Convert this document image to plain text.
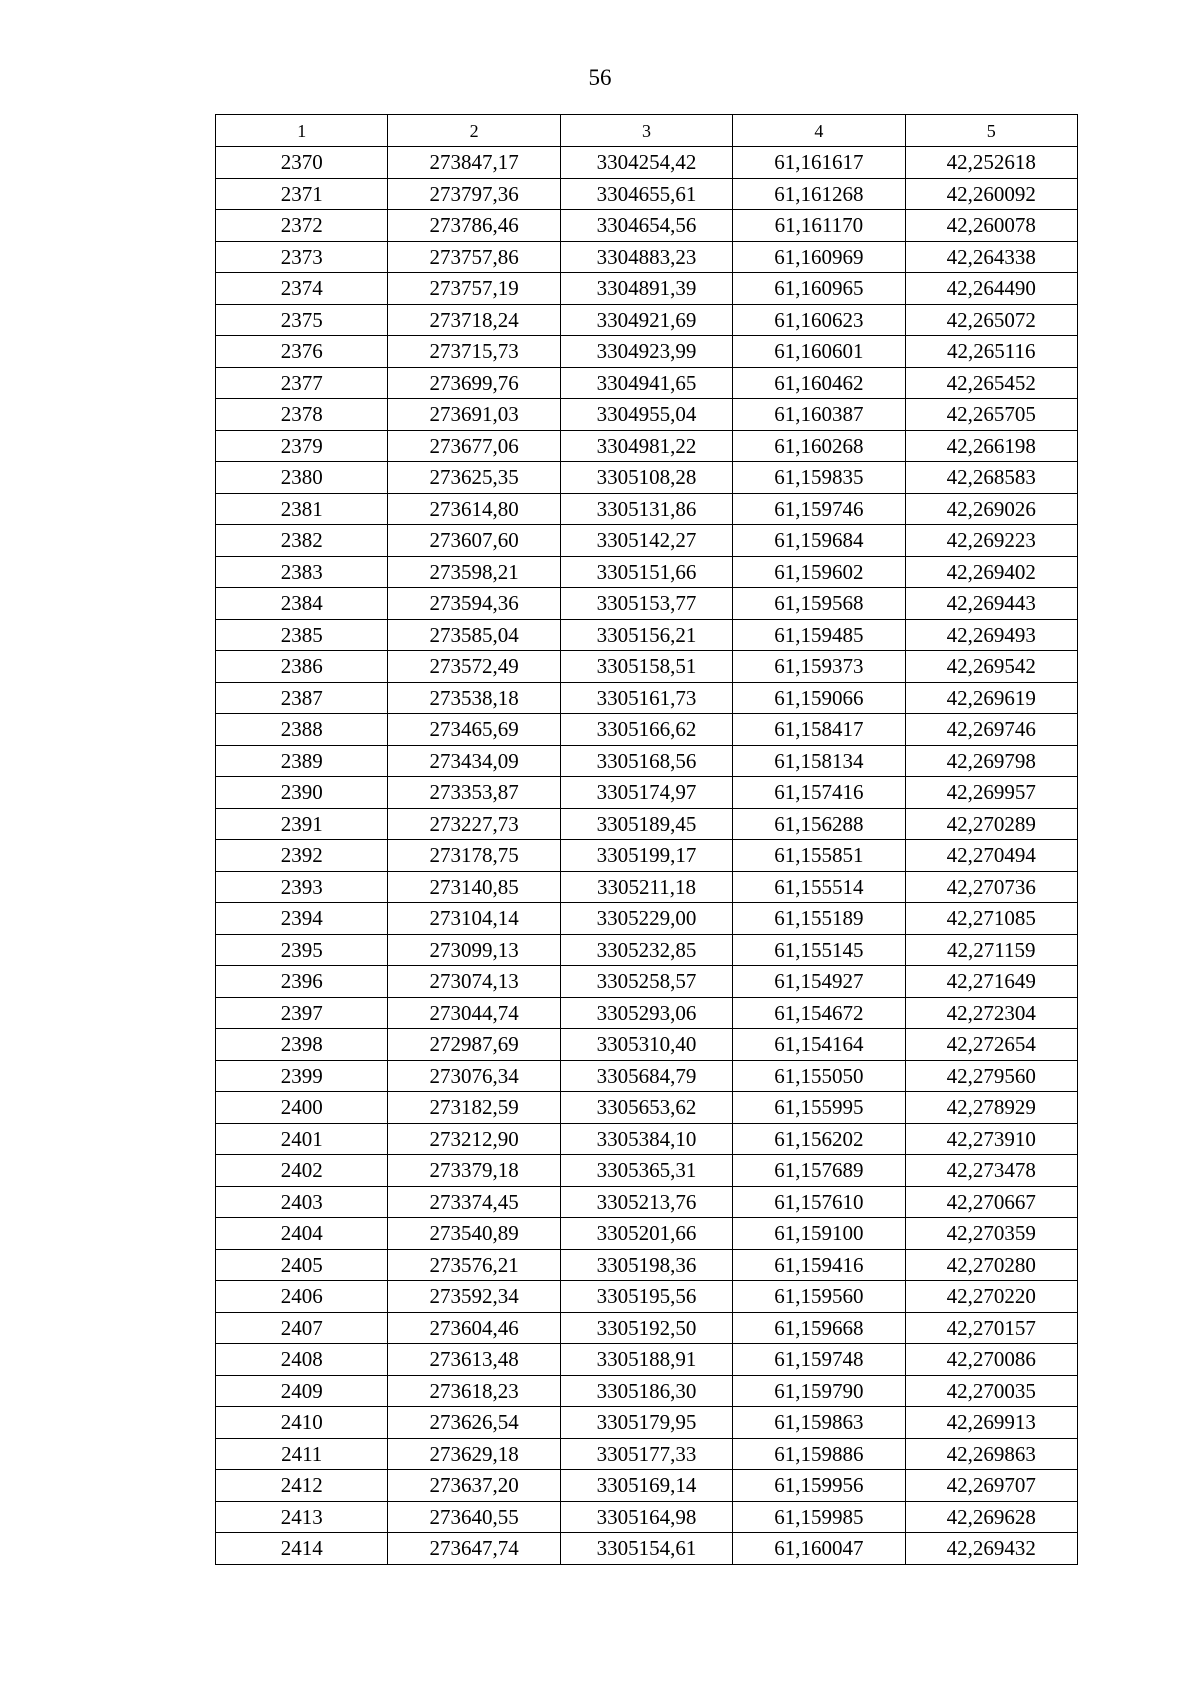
56
1	2	3	4	5
2370	273847,17	3304254,42	61,161617	42,252618
2371	273797,36	3304655,61	61,161268	42,260092
2372	273786,46	3304654,56	61,161170	42,260078
2373	273757,86	3304883,23	61,160969	42,264338
2374	273757,19	3304891,39	61,160965	42,264490
2375	273718,24	3304921,69	61,160623	42,265072
2376	273715,73	3304923,99	61,160601	42,265116
2377	273699,76	3304941,65	61,160462	42,265452
2378	273691,03	3304955,04	61,160387	42,265705
2379	273677,06	3304981,22	61,160268	42,266198
2380	273625,35	3305108,28	61,159835	42,268583
2381	273614,80	3305131,86	61,159746	42,269026
2382	273607,60	3305142,27	61,159684	42,269223
2383	273598,21	3305151,66	61,159602	42,269402
2384	273594,36	3305153,77	61,159568	42,269443
2385	273585,04	3305156,21	61,159485	42,269493
2386	273572,49	3305158,51	61,159373	42,269542
2387	273538,18	3305161,73	61,159066	42,269619
2388	273465,69	3305166,62	61,158417	42,269746
2389	273434,09	3305168,56	61,158134	42,269798
2390	273353,87	3305174,97	61,157416	42,269957
2391	273227,73	3305189,45	61,156288	42,270289
2392	273178,75	3305199,17	61,155851	42,270494
2393	273140,85	3305211,18	61,155514	42,270736
2394	273104,14	3305229,00	61,155189	42,271085
2395	273099,13	3305232,85	61,155145	42,271159
2396	273074,13	3305258,57	61,154927	42,271649
2397	273044,74	3305293,06	61,154672	42,272304
2398	272987,69	3305310,40	61,154164	42,272654
2399	273076,34	3305684,79	61,155050	42,279560
2400	273182,59	3305653,62	61,155995	42,278929
2401	273212,90	3305384,10	61,156202	42,273910
2402	273379,18	3305365,31	61,157689	42,273478
2403	273374,45	3305213,76	61,157610	42,270667
2404	273540,89	3305201,66	61,159100	42,270359
2405	273576,21	3305198,36	61,159416	42,270280
2406	273592,34	3305195,56	61,159560	42,270220
2407	273604,46	3305192,50	61,159668	42,270157
2408	273613,48	3305188,91	61,159748	42,270086
2409	273618,23	3305186,30	61,159790	42,270035
2410	273626,54	3305179,95	61,159863	42,269913
2411	273629,18	3305177,33	61,159886	42,269863
2412	273637,20	3305169,14	61,159956	42,269707
2413	273640,55	3305164,98	61,159985	42,269628
2414	273647,74	3305154,61	61,160047	42,269432
